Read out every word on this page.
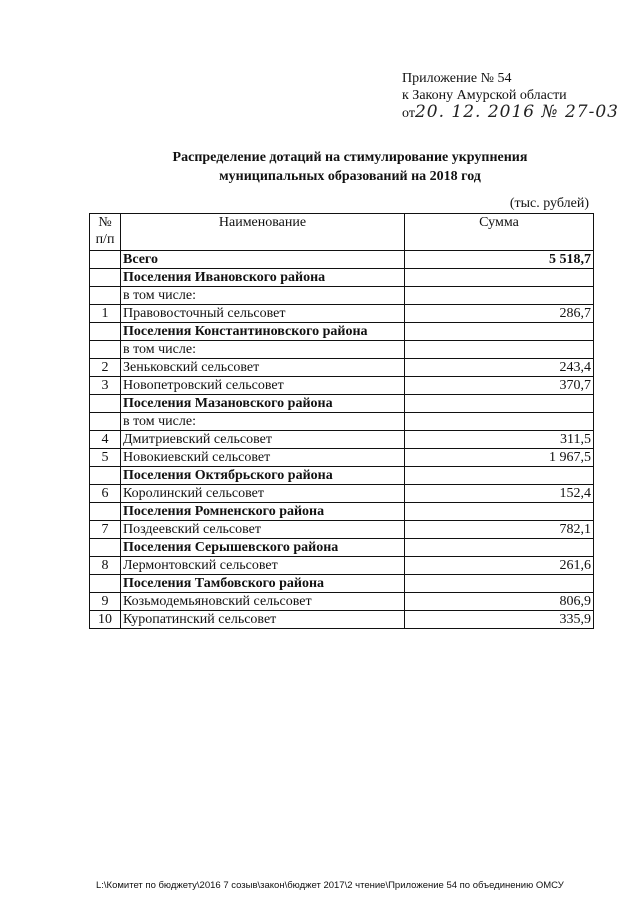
Приложение № 54
к Закону Амурской области
от20. 12. 2016 № 27-03
Распределение дотаций на стимулирование укрупнения
муниципальных образований на 2018 год
(тыс. рублей)
№ п/п	Наименование	Сумма
	Всего	5 518,7
	Поселения Ивановского района	
	в том числе:	
1	Правовосточный сельсовет	286,7
	Поселения Константиновского района	
	в том числе:	
2	Зеньковский сельсовет	243,4
3	Новопетровский сельсовет	370,7
	Поселения Мазановского района	
	в том числе:	
4	Дмитриевский сельсовет	311,5
5	Новокиевский сельсовет	1 967,5
	Поселения Октябрьского района	
6	Королинский сельсовет	152,4
	Поселения Ромненского района	
7	Поздеевский сельсовет	782,1
	Поселения Серышевского района	
8	Лермонтовский сельсовет	261,6
	Поселения Тамбовского района	
9	Козьмодемьяновский сельсовет	806,9
10	Куропатинский сельсовет	335,9
L:\Комитет по бюджету\2016 7 созыв\закон\бюджет 2017\2 чтение\Приложение 54 по объединению ОМСУ
